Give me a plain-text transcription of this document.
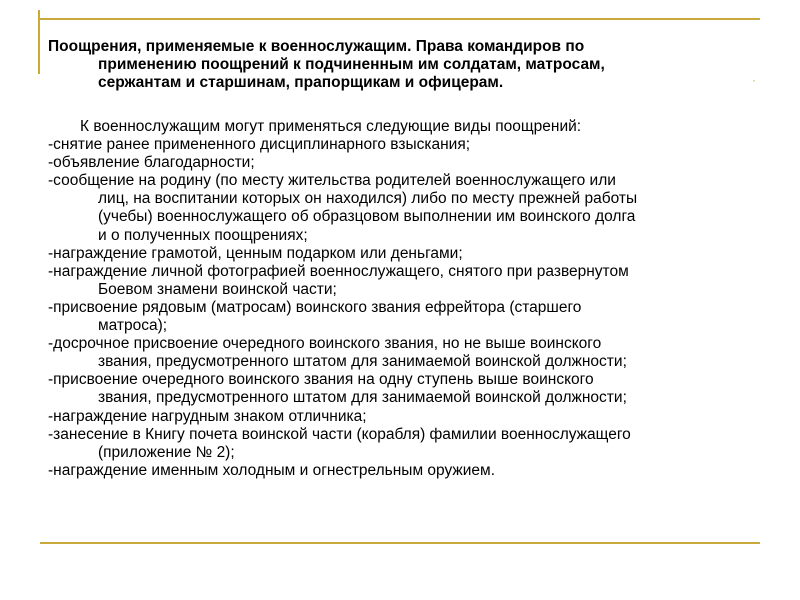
·
Поощрения, применяемые к военнослужащим. Права командиров по
применению поощрений к подчиненным им солдатам, матросам,
сержантам и старшинам, прапорщикам и офицерам.
К военнослужащим могут применяться следующие виды поощрений:
-снятие ранее примененного дисциплинарного взыскания;
-объявление благодарности;
-сообщение на родину (по месту жительства родителей военнослужащего или
лиц, на воспитании которых он находился) либо по месту прежней работы
(учебы) военнослужащего об образцовом выполнении им воинского долга
и о полученных поощрениях;
-награждение грамотой, ценным подарком или деньгами;
-награждение личной фотографией военнослужащего, снятого при развернутом
Боевом знамени воинской части;
-присвоение рядовым (матросам) воинского звания ефрейтора (старшего
матроса);
-досрочное присвоение очередного воинского звания, но не выше воинского
звания, предусмотренного штатом для занимаемой воинской должности;
-присвоение очередного воинского звания на одну ступень выше воинского
звания, предусмотренного штатом для занимаемой воинской должности;
-награждение нагрудным знаком отличника;
-занесение в Книгу почета воинской части (корабля) фамилии военнослужащего
(приложение № 2);
-награждение именным холодным и огнестрельным оружием.
